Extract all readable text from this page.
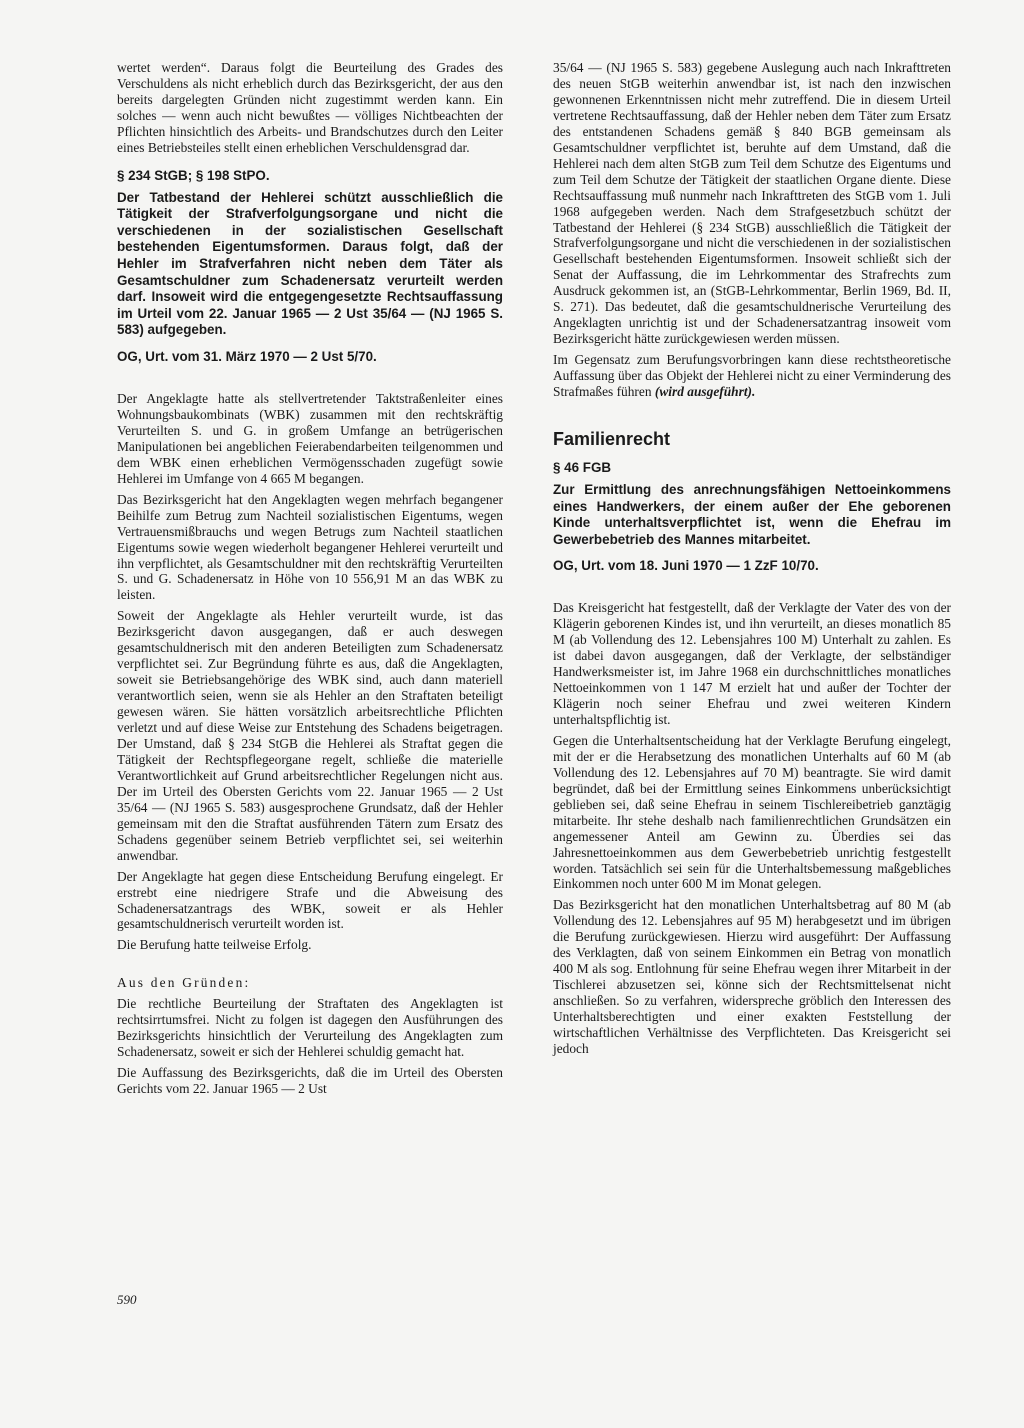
wertet werden“. Daraus folgt die Beurteilung des Grades des Verschuldens als nicht erheblich durch das Bezirksgericht, der aus den bereits dargelegten Gründen nicht zugestimmt werden kann. Ein solches — wenn auch nicht bewußtes — völliges Nichtbeachten der Pflichten hinsichtlich des Arbeits- und Brandschutzes durch den Leiter eines Betriebsteiles stellt einen erheblichen Verschuldensgrad dar.

§ 234 StGB; § 198 StPO.

Der Tatbestand der Hehlerei schützt ausschließlich die Tätigkeit der Strafverfolgungsorgane und nicht die verschiedenen in der sozialistischen Gesellschaft bestehenden Eigentumsformen. Daraus folgt, daß der Hehler im Strafverfahren nicht neben dem Täter als Gesamtschuldner zum Schadenersatz verurteilt werden darf. Insoweit wird die entgegengesetzte Rechtsauffassung im Urteil vom 22. Januar 1965 — 2 Ust 35/64 — (NJ 1965 S. 583) aufgegeben.

OG, Urt. vom 31. März 1970 — 2 Ust 5/70.

Der Angeklagte hatte als stellvertretender Taktstraßenleiter eines Wohnungsbaukombinats (WBK) zusammen mit den rechtskräftig Verurteilten S. und G. in großem Umfange an betrügerischen Manipulationen bei angeblichen Feierabendarbeiten teilgenommen und dem WBK einen erheblichen Vermögensschaden zugefügt sowie Hehlerei im Umfange von 4 665 M begangen.

Das Bezirksgericht hat den Angeklagten wegen mehrfach begangener Beihilfe zum Betrug zum Nachteil sozialistischen Eigentums, wegen Vertrauensmißbrauchs und wegen Betrugs zum Nachteil staatlichen Eigentums sowie wegen wiederholt begangener Hehlerei verurteilt und ihn verpflichtet, als Gesamtschuldner mit den rechtskräftig Verurteilten S. und G. Schadenersatz in Höhe von 10 556,91 M an das WBK zu leisten.

Soweit der Angeklagte als Hehler verurteilt wurde, ist das Bezirksgericht davon ausgegangen, daß er auch deswegen gesamtschuldnerisch mit den anderen Beteiligten zum Schadenersatz verpflichtet sei. Zur Begründung führte es aus, daß die Angeklagten, soweit sie Betriebsangehörige des WBK sind, auch dann materiell verantwortlich seien, wenn sie als Hehler an den Straftaten beteiligt gewesen wären. Sie hätten vorsätzlich arbeitsrechtliche Pflichten verletzt und auf diese Weise zur Entstehung des Schadens beigetragen. Der Umstand, daß § 234 StGB die Hehlerei als Straftat gegen die Tätigkeit der Rechtspflegeorgane regelt, schließe die materielle Verantwortlichkeit auf Grund arbeitsrechtlicher Regelungen nicht aus. Der im Urteil des Obersten Gerichts vom 22. Januar 1965 — 2 Ust 35/64 — (NJ 1965 S. 583) ausgesprochene Grundsatz, daß der Hehler gemeinsam mit den die Straftat ausführenden Tätern zum Ersatz des Schadens gegenüber seinem Betrieb verpflichtet sei, sei weiterhin anwendbar.

Der Angeklagte hat gegen diese Entscheidung Berufung eingelegt. Er erstrebt eine niedrigere Strafe und die Abweisung des Schadenersatzantrags des WBK, soweit er als Hehler gesamtschuldnerisch verurteilt worden ist.

Die Berufung hatte teilweise Erfolg.

Aus den Gründen:

Die rechtliche Beurteilung der Straftaten des Angeklagten ist rechtsirrtumsfrei. Nicht zu folgen ist dagegen den Ausführungen des Bezirksgerichts hinsichtlich der Verurteilung des Angeklagten zum Schadenersatz, soweit er sich der Hehlerei schuldig gemacht hat.

Die Auffassung des Bezirksgerichts, daß die im Urteil des Obersten Gerichts vom 22. Januar 1965 — 2 Ust

35/64 — (NJ 1965 S. 583) gegebene Auslegung auch nach Inkrafttreten des neuen StGB weiterhin anwendbar ist, ist nach den inzwischen gewonnenen Erkenntnissen nicht mehr zutreffend. Die in diesem Urteil vertretene Rechtsauffassung, daß der Hehler neben dem Täter zum Ersatz des entstandenen Schadens gemäß § 840 BGB gemeinsam als Gesamtschuldner verpflichtet ist, beruhte auf dem Umstand, daß die Hehlerei nach dem alten StGB zum Teil dem Schutze des Eigentums und zum Teil dem Schutze der Tätigkeit der staatlichen Organe diente. Diese Rechtsauffassung muß nunmehr nach Inkrafttreten des StGB vom 1. Juli 1968 aufgegeben werden. Nach dem Strafgesetzbuch schützt der Tatbestand der Hehlerei (§ 234 StGB) ausschließlich die Tätigkeit der Strafverfolgungsorgane und nicht die verschiedenen in der sozialistischen Gesellschaft bestehenden Eigentumsformen. Insoweit schließt sich der Senat der Auffassung, die im Lehrkommentar des Strafrechts zum Ausdruck gekommen ist, an (StGB-Lehrkommentar, Berlin 1969, Bd. II, S. 271). Das bedeutet, daß die gesamtschuldnerische Verurteilung des Angeklagten unrichtig ist und der Schadenersatzantrag insoweit vom Bezirksgericht hätte zurückgewiesen werden müssen.

Im Gegensatz zum Berufungsvorbringen kann diese rechtstheoretische Auffassung über das Objekt der Hehlerei nicht zu einer Verminderung des Strafmaßes führen (wird ausgeführt).

Familienrecht

§ 46 FGB

Zur Ermittlung des anrechnungsfähigen Nettoeinkommens eines Handwerkers, der einem außer der Ehe geborenen Kinde unterhaltsverpflichtet ist, wenn die Ehefrau im Gewerbebetrieb des Mannes mitarbeitet.

OG, Urt. vom 18. Juni 1970 — 1 ZzF 10/70.

Das Kreisgericht hat festgestellt, daß der Verklagte der Vater des von der Klägerin geborenen Kindes ist, und ihn verurteilt, an dieses monatlich 85 M (ab Vollendung des 12. Lebensjahres 100 M) Unterhalt zu zahlen. Es ist dabei davon ausgegangen, daß der Verklagte, der selbständiger Handwerksmeister ist, im Jahre 1968 ein durchschnittliches monatliches Nettoeinkommen von 1 147 M erzielt hat und außer der Tochter der Klägerin noch seiner Ehefrau und zwei weiteren Kindern unterhaltspflichtig ist.

Gegen die Unterhaltsentscheidung hat der Verklagte Berufung eingelegt, mit der er die Herabsetzung des monatlichen Unterhalts auf 60 M (ab Vollendung des 12. Lebensjahres auf 70 M) beantragte. Sie wird damit begründet, daß bei der Ermittlung seines Einkommens unberücksichtigt geblieben sei, daß seine Ehefrau in seinem Tischlereibetrieb ganztägig mitarbeite. Ihr stehe deshalb nach familienrechtlichen Grundsätzen ein angemessener Anteil am Gewinn zu. Überdies sei das Jahresnettoeinkommen aus dem Gewerbebetrieb unrichtig festgestellt worden. Tatsächlich sei sein für die Unterhaltsbemessung maßgebliches Einkommen noch unter 600 M im Monat gelegen.

Das Bezirksgericht hat den monatlichen Unterhaltsbetrag auf 80 M (ab Vollendung des 12. Lebensjahres auf 95 M) herabgesetzt und im übrigen die Berufung zurückgewiesen. Hierzu wird ausgeführt: Der Auffassung des Verklagten, daß von seinem Einkommen ein Betrag von monatlich 400 M als sog. Entlohnung für seine Ehefrau wegen ihrer Mitarbeit in der Tischlerei abzusetzen sei, könne sich der Rechtsmittelsenat nicht anschließen. So zu verfahren, widerspreche gröblich den Interessen des Unterhaltsberechtigten und einer exakten Feststellung der wirtschaftlichen Verhältnisse des Verpflichteten. Das Kreisgericht sei jedoch

590
